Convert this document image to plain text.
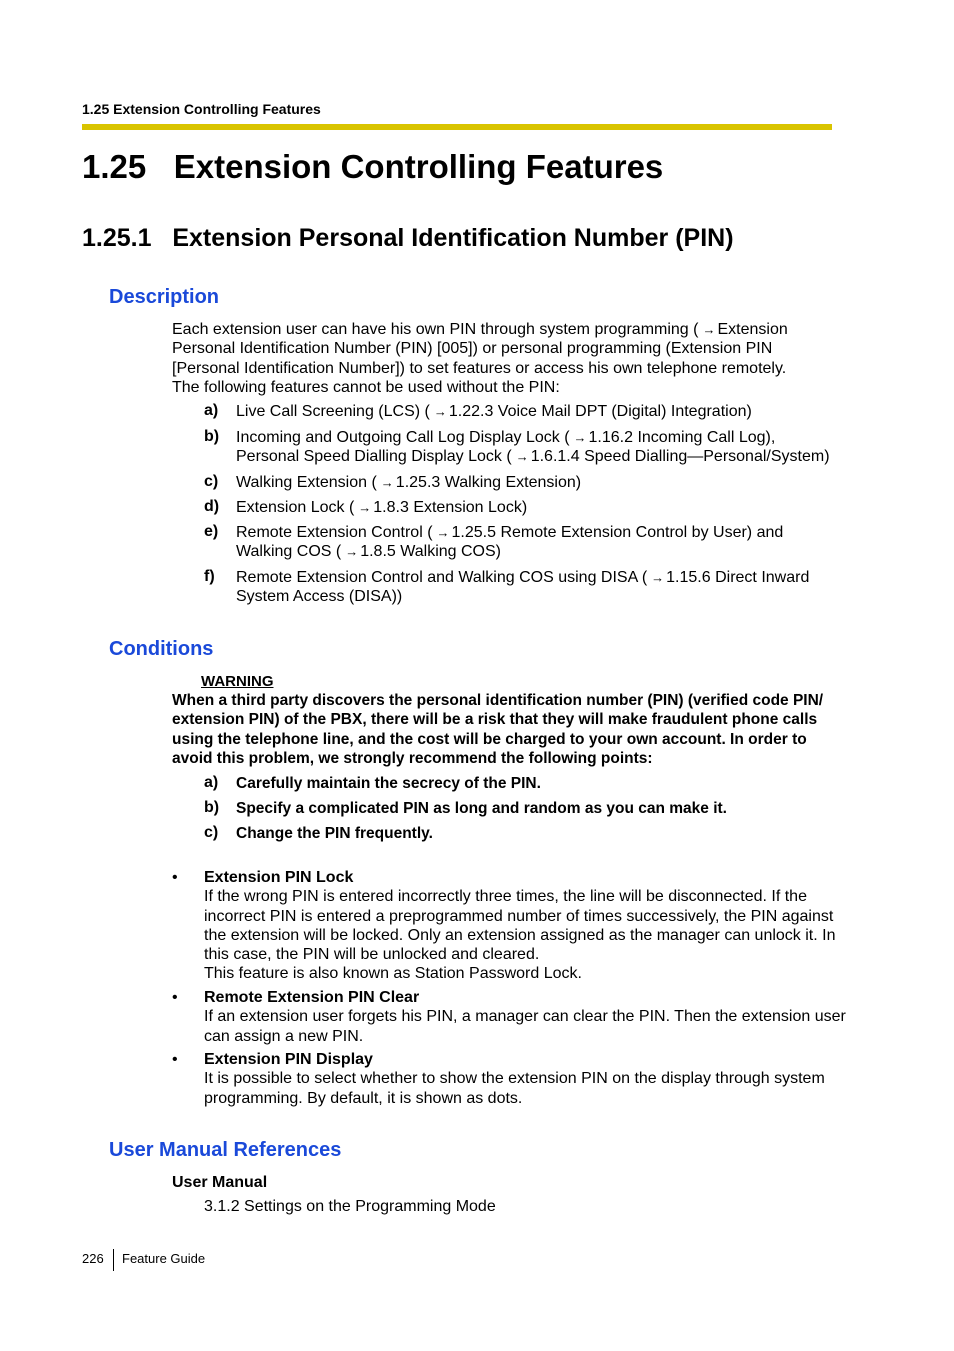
1.25 Extension Controlling Features
1.25   Extension Controlling Features
1.25.1   Extension Personal Identification Number (PIN)
Description
Each extension user can have his own PIN through system programming ( → Extension
Personal Identification Number (PIN) [005]) or personal programming (Extension PIN
[Personal Identification Number]) to set features or access his own telephone remotely.
The following features cannot be used without the PIN:
a)	Live Call Screening (LCS) ( → 1.22.3 Voice Mail DPT (Digital) Integration)
b)	Incoming and Outgoing Call Log Display Lock ( → 1.16.2 Incoming Call Log),
Personal Speed Dialling Display Lock ( → 1.6.1.4 Speed Dialling—Personal/System)
c)	Walking Extension ( → 1.25.3 Walking Extension)
d)	Extension Lock ( → 1.8.3 Extension Lock)
e)	Remote Extension Control ( → 1.25.5 Remote Extension Control by User) and
Walking COS ( → 1.8.5 Walking COS)
f)	Remote Extension Control and Walking COS using DISA ( → 1.15.6 Direct Inward
System Access (DISA))
Conditions
WARNING
When a third party discovers the personal identification number (PIN) (verified code PIN/
extension PIN) of the PBX, there will be a risk that they will make fraudulent phone calls
using the telephone line, and the cost will be charged to your own account. In order to
avoid this problem, we strongly recommend the following points:
a)	Carefully maintain the secrecy of the PIN.
b)	Specify a complicated PIN as long and random as you can make it.
c)	Change the PIN frequently.
• Extension PIN Lock
If the wrong PIN is entered incorrectly three times, the line will be disconnected. If the
incorrect PIN is entered a preprogrammed number of times successively, the PIN against
the extension will be locked. Only an extension assigned as the manager can unlock it. In
this case, the PIN will be unlocked and cleared.
This feature is also known as Station Password Lock.
• Remote Extension PIN Clear
If an extension user forgets his PIN, a manager can clear the PIN. Then the extension user
can assign a new PIN.
• Extension PIN Display
It is possible to select whether to show the extension PIN on the display through system
programming. By default, it is shown as dots.
User Manual References
User Manual
3.1.2 Settings on the Programming Mode
226 Feature Guide
